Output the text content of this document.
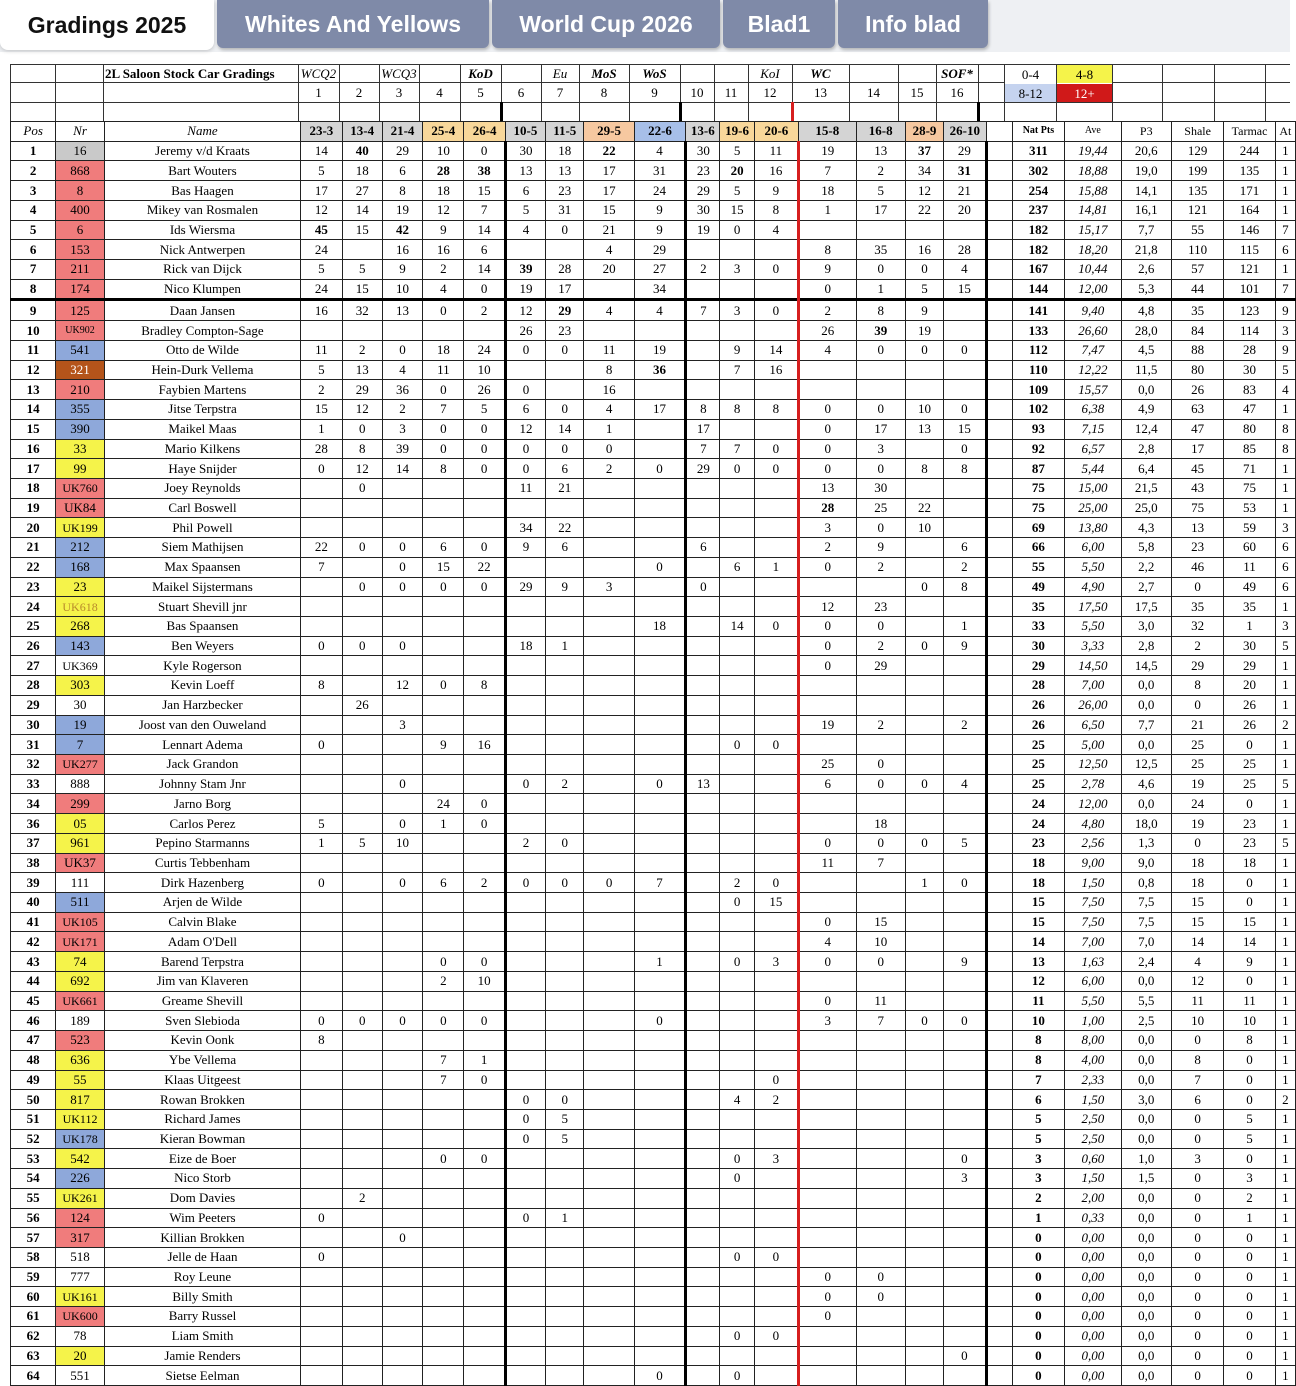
Gradings 2025	Whites And Yellows	World Cup 2026	Blad1	Info blad
2L Saloon Stock Car Gradings	WCQ2	WCQ3	KoD	Eu	MoS	WoS	KoI	WC	SOF*
1	2	3	4	5	6	7	8	9	10	11	12	13	14	15	16
0-4	4-8
8-12	12+
Pos	Nr	Name	23-3	13-4	21-4	25-4	26-4	10-5	11-5	29-5	22-6	13-6	19-6	20-6	15-8	16-8	28-9	26-10		Nat Pts	Ave	P3	Shale	Tarmac	At
1	16	Jeremy v/d Kraats	14	40	29	10	0	30	18	22	4	30	5	11	19	13	37	29		311	19,44	20,6	129	244	1
2	868	Bart Wouters	5	18	6	28	38	13	13	17	31	23	20	16	7	2	34	31		302	18,88	19,0	199	135	1
3	8	Bas Haagen	17	27	8	18	15	6	23	17	24	29	5	9	18	5	12	21		254	15,88	14,1	135	171	1
4	400	Mikey van Rosmalen	12	14	19	12	7	5	31	15	9	30	15	8	1	17	22	20		237	14,81	16,1	121	164	1
5	6	Ids Wiersma	45	15	42	9	14	4	0	21	9	19	0	4						182	15,17	7,7	55	146	7
6	153	Nick Antwerpen	24		16	16	6			4	29				8	35	16	28		182	18,20	21,8	110	115	6
7	211	Rick van Dijck	5	5	9	2	14	39	28	20	27	2	3	0	9	0	0	4		167	10,44	2,6	57	121	1
8	174	Nico Klumpen	24	15	10	4	0	19	17		34				0	1	5	15		144	12,00	5,3	44	101	7
9	125	Daan Jansen	16	32	13	0	2	12	29	4	4	7	3	0	2	8	9			141	9,40	4,8	35	123	9
10	UK902	Bradley Compton-Sage						26	23						26	39	19			133	26,60	28,0	84	114	3
11	541	Otto de Wilde	11	2	0	18	24	0	0	11	19		9	14	4	0	0	0		112	7,47	4,5	88	28	9
12	321	Hein-Durk Vellema	5	13	4	11	10			8	36		7	16						110	12,22	11,5	80	30	5
13	210	Faybien Martens	2	29	36	0	26	0		16										109	15,57	0,0	26	83	4
14	355	Jitse Terpstra	15	12	2	7	5	6	0	4	17	8	8	8	0	0	10	0		102	6,38	4,9	63	47	1
15	390	Maikel Maas	1	0	3	0	0	12	14	1		17			0	17	13	15		93	7,15	12,4	47	80	8
16	33	Mario Kilkens	28	8	39	0	0	0	0	0		7	7	0	0	3		0		92	6,57	2,8	17	85	8
17	99	Haye Snijder	0	12	14	8	0	0	6	2	0	29	0	0	0	0	8	8		87	5,44	6,4	45	71	1
18	UK760	Joey Reynolds		0				11	21						13	30				75	15,00	21,5	43	75	1
19	UK84	Carl Boswell													28	25	22			75	25,00	25,0	75	53	1
20	UK199	Phil Powell						34	22						3	0	10			69	13,80	4,3	13	59	3
21	212	Siem Mathijsen	22	0	0	6	0	9	6			6			2	9		6		66	6,00	5,8	23	60	6
22	168	Max Spaansen	7		0	15	22				0		6	1	0	2		2		55	5,50	2,2	46	11	6
23	23	Maikel Sijstermans		0	0	0	0	29	9	3		0					0	8		49	4,90	2,7	0	49	6
24	UK618	Stuart Shevill jnr													12	23				35	17,50	17,5	35	35	1
25	268	Bas Spaansen									18		14	0	0	0		1		33	5,50	3,0	32	1	3
26	143	Ben Weyers	0	0	0			18	1						0	2	0	9		30	3,33	2,8	2	30	5
27	UK369	Kyle Rogerson													0	29				29	14,50	14,5	29	29	1
28	303	Kevin Loeff	8		12	0	8													28	7,00	0,0	8	20	1
29	30	Jan Harzbecker		26																26	26,00	0,0	0	26	1
30	19	Joost van den Ouweland			3										19	2		2		26	6,50	7,7	21	26	2
31	7	Lennart Adema	0			9	16						0	0						25	5,00	0,0	25	0	1
32	UK277	Jack Grandon													25	0				25	12,50	12,5	25	25	1
33	888	Johnny Stam Jnr			0			0	2		0	13			6	0	0	4		25	2,78	4,6	19	25	5
34	299	Jarno Borg				24	0													24	12,00	0,0	24	0	1
36	05	Carlos Perez	5		0	1	0									18				24	4,80	18,0	19	23	1
37	961	Pepino Starmanns	1	5	10			2	0						0	0	0	5		23	2,56	1,3	0	23	5
38	UK37	Curtis Tebbenham													11	7				18	9,00	9,0	18	18	1
39	111	Dirk Hazenberg	0		0	6	2	0	0	0	7		2	0			1	0		18	1,50	0,8	18	0	1
40	511	Arjen de Wilde											0	15						15	7,50	7,5	15	0	1
41	UK105	Calvin Blake													0	15				15	7,50	7,5	15	15	1
42	UK171	Adam O'Dell													4	10				14	7,00	7,0	14	14	1
43	74	Barend Terpstra				0	0				1		0	3	0	0		9		13	1,63	2,4	4	9	1
44	692	Jim van Klaveren				2	10													12	6,00	0,0	12	0	1
45	UK661	Greame Shevill													0	11				11	5,50	5,5	11	11	1
46	189	Sven Slebioda	0	0	0	0	0				0				3	7	0	0		10	1,00	2,5	10	10	1
47	523	Kevin Oonk	8																	8	8,00	0,0	0	8	1
48	636	Ybe Vellema				7	1													8	4,00	0,0	8	0	1
49	55	Klaas Uitgeest				7	0							0						7	2,33	0,0	7	0	1
50	817	Rowan Brokken						0	0				4	2						6	1,50	3,0	6	0	2
51	UK112	Richard James						0	5											5	2,50	0,0	0	5	1
52	UK178	Kieran Bowman						0	5											5	2,50	0,0	0	5	1
53	542	Eize de Boer				0	0						0	3				0		3	0,60	1,0	3	0	1
54	226	Nico Storb											0					3		3	1,50	1,5	0	3	1
55	UK261	Dom Davies		2																2	2,00	0,0	0	2	1
56	124	Wim Peeters	0					0	1											1	0,33	0,0	0	1	1
57	317	Killian Brokken			0															0	0,00	0,0	0	0	1
58	518	Jelle de Haan	0										0	0						0	0,00	0,0	0	0	1
59	777	Roy Leune													0	0				0	0,00	0,0	0	0	1
60	UK161	Billy Smith													0	0				0	0,00	0,0	0	0	1
61	UK600	Barry Russel													0					0	0,00	0,0	0	0	1
62	78	Liam Smith											0	0						0	0,00	0,0	0	0	1
63	20	Jamie Renders																0		0	0,00	0,0	0	0	1
64	551	Sietse Eelman									0		0							0	0,00	0,0	0	0	1
